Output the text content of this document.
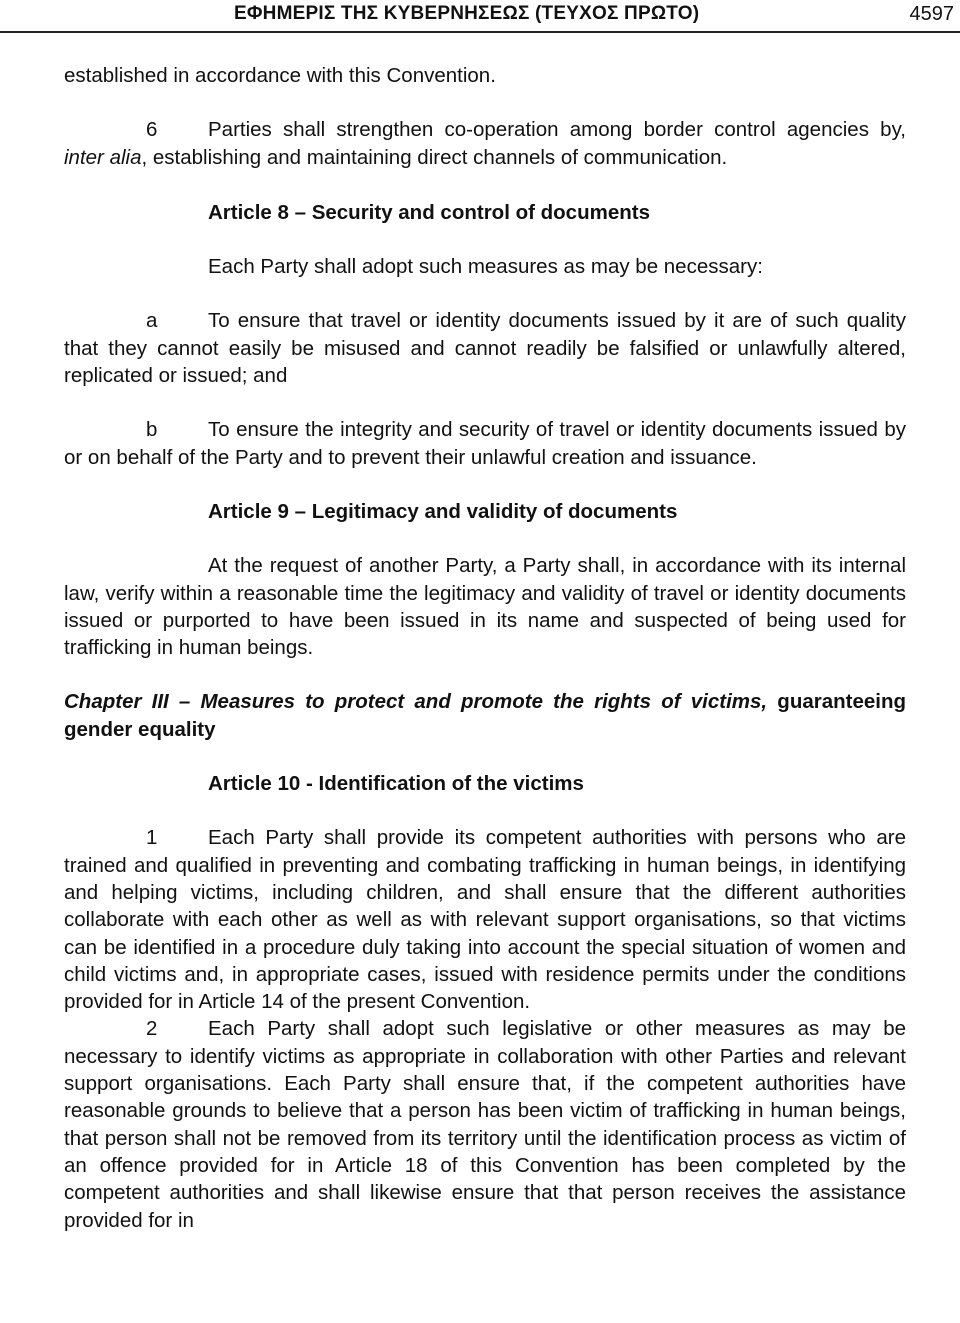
ΕΦΗΜΕΡΙΣ ΤΗΣ ΚΥΒΕΡΝΗΣΕΩΣ (ΤΕΥΧΟΣ ΠΡΩΤΟ)	4597

established in accordance with this Convention.

6 Parties shall strengthen co-operation among border control agencies by, inter alia, establishing and maintaining direct channels of communication.

Article 8 – Security and control of documents

Each Party shall adopt such measures as may be necessary:

a To ensure that travel or identity documents issued by it are of such quality that they cannot easily be misused and cannot readily be falsified or unlawfully altered, replicated or issued; and

b To ensure the integrity and security of travel or identity documents issued by or on behalf of the Party and to prevent their unlawful creation and issuance.

Article 9 – Legitimacy and validity of documents

At the request of another Party, a Party shall, in accordance with its internal law, verify within a reasonable time the legitimacy and validity of travel or identity documents issued or purported to have been issued in its name and suspected of being used for trafficking in human beings.

Chapter III – Measures to protect and promote the rights of victims, guaranteeing gender equality

Article 10 - Identification of the victims

1 Each Party shall provide its competent authorities with persons who are trained and qualified in preventing and combating trafficking in human beings, in identifying and helping victims, including children, and shall ensure that the different authorities collaborate with each other as well as with relevant support organisations, so that victims can be identified in a procedure duly taking into account the special situation of women and child victims and, in appropriate cases, issued with residence permits under the conditions provided for in Article 14 of the present Convention.

2 Each Party shall adopt such legislative or other measures as may be necessary to identify victims as appropriate in collaboration with other Parties and relevant support organisations. Each Party shall ensure that, if the competent authorities have reasonable grounds to believe that a person has been victim of trafficking in human beings, that person shall not be removed from its territory until the identification process as victim of an offence provided for in Article 18 of this Convention has been completed by the competent authorities and shall likewise ensure that that person receives the assistance provided for in
